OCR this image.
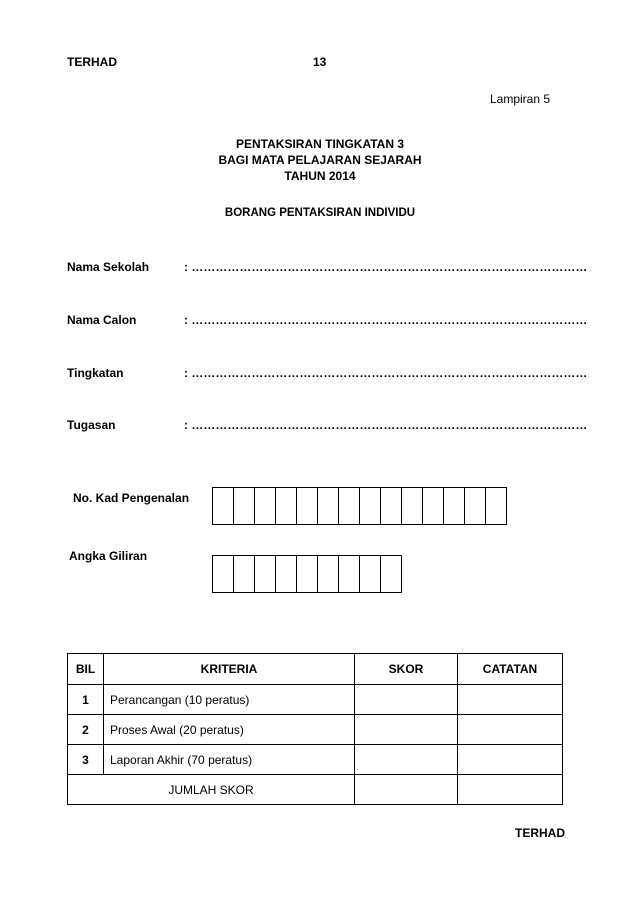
TERHAD	13
Lampiran 5
PENTAKSIRAN TINGKATAN 3
BAGI MATA PELAJARAN SEJARAH
TAHUN 2014
BORANG PENTAKSIRAN INDIVIDU
Nama Sekolah	: ………………………………………………………………………………………
Nama Calon	: ………………………………………………………………………………………
Tingkatan	: ………………………………………………………………………………………
Tugasan	: ………………………………………………………………………………………
No. Kad Pengenalan
Angka Giliran
BIL	KRITERIA	SKOR	CATATAN
1	Perancangan (10 peratus)		
2	Proses Awal (20 peratus)		
3	Laporan Akhir (70 peratus)		
JUMLAH SKOR			
TERHAD
